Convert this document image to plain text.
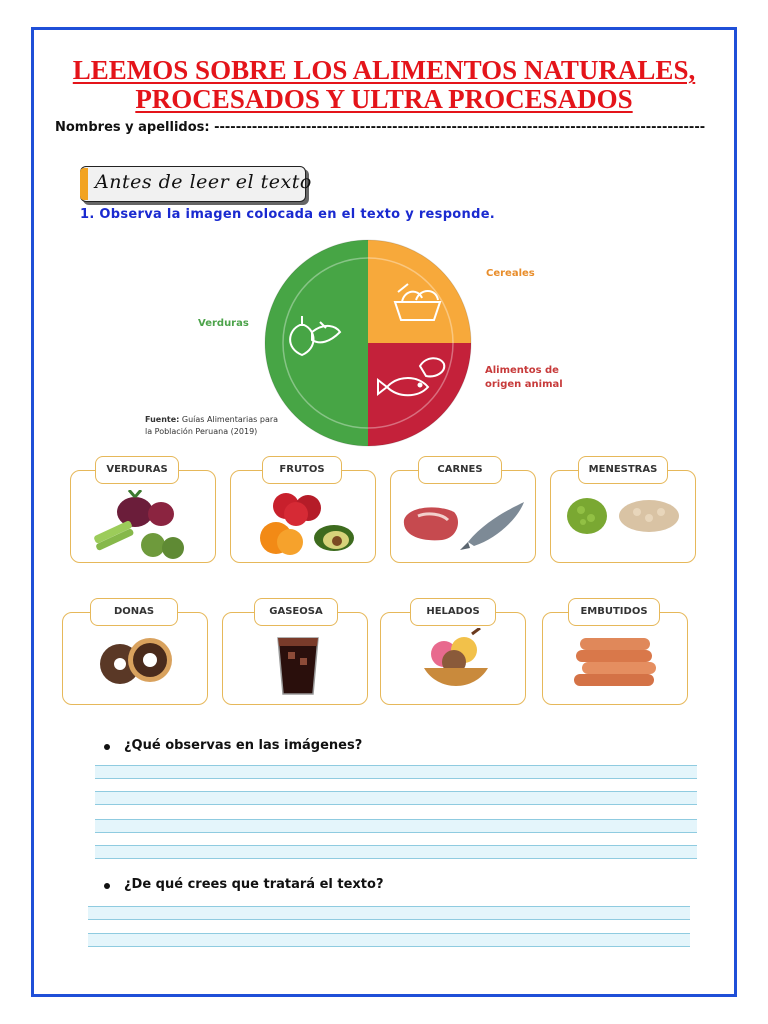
LEEMOS SOBRE LOS ALIMENTOS NATURALES,
PROCESADOS Y ULTRA PROCESADOS
Nombres y apellidos: -------------------------------------------------------------------------------------------
Antes de leer el texto
1. Observa la imagen colocada en el texto y responde.
Verduras
Cereales
Alimentos de
origen animal
Fuente: Guías Alimentarias para
la Población Peruana (2019)
VERDURAS	FRUTOS	CARNES	MENESTRAS
DONAS	GASEOSA	HELADOS	EMBUTIDOS
¿Qué observas en las imágenes?
¿De qué crees que tratará el texto?
